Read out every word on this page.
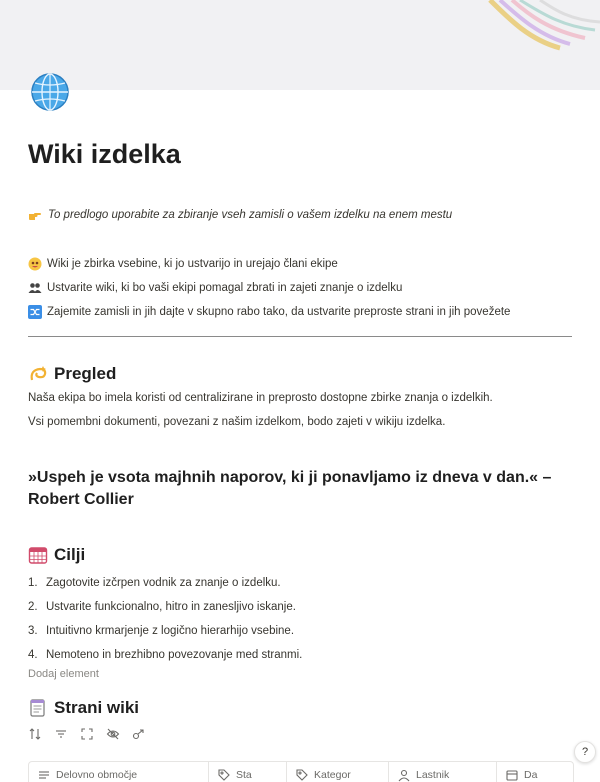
Wiki izdelka
To predlogo uporabite za zbiranje vseh zamisli o vašem izdelku na enem mestu
Wiki je zbirka vsebine, ki jo ustvarijo in urejajo člani ekipe
Ustvarite wiki, ki bo vaši ekipi pomagal zbrati in zajeti znanje o izdelku
Zajemite zamisli in jih dajte v skupno rabo tako, da ustvarite preproste strani in jih povežete
Pregled
Naša ekipa bo imela koristi od centralizirane in preprosto dostopne zbirke znanja o izdelkih.
Vsi pomembni dokumenti, povezani z našim izdelkom, bodo zajeti v wikiju izdelka.

»Uspeh je vsota majhnih naporov, ki ji ponavljamo iz dneva v dan.« – Robert Collier

Cilji
1. Zagotovite izčrpen vodnik za znanje o izdelku.
2. Ustvarite funkcionalno, hitro in zanesljivo iskanje.
3. Intuitivno krmarjenje z logično hierarhijo vsebine.
4. Nemoteno in brezhibno povezovanje med stranmi.
Dodaj element
Strani wiki
Delovno območje	Sta	Kategor	Lastnik	Da
?
